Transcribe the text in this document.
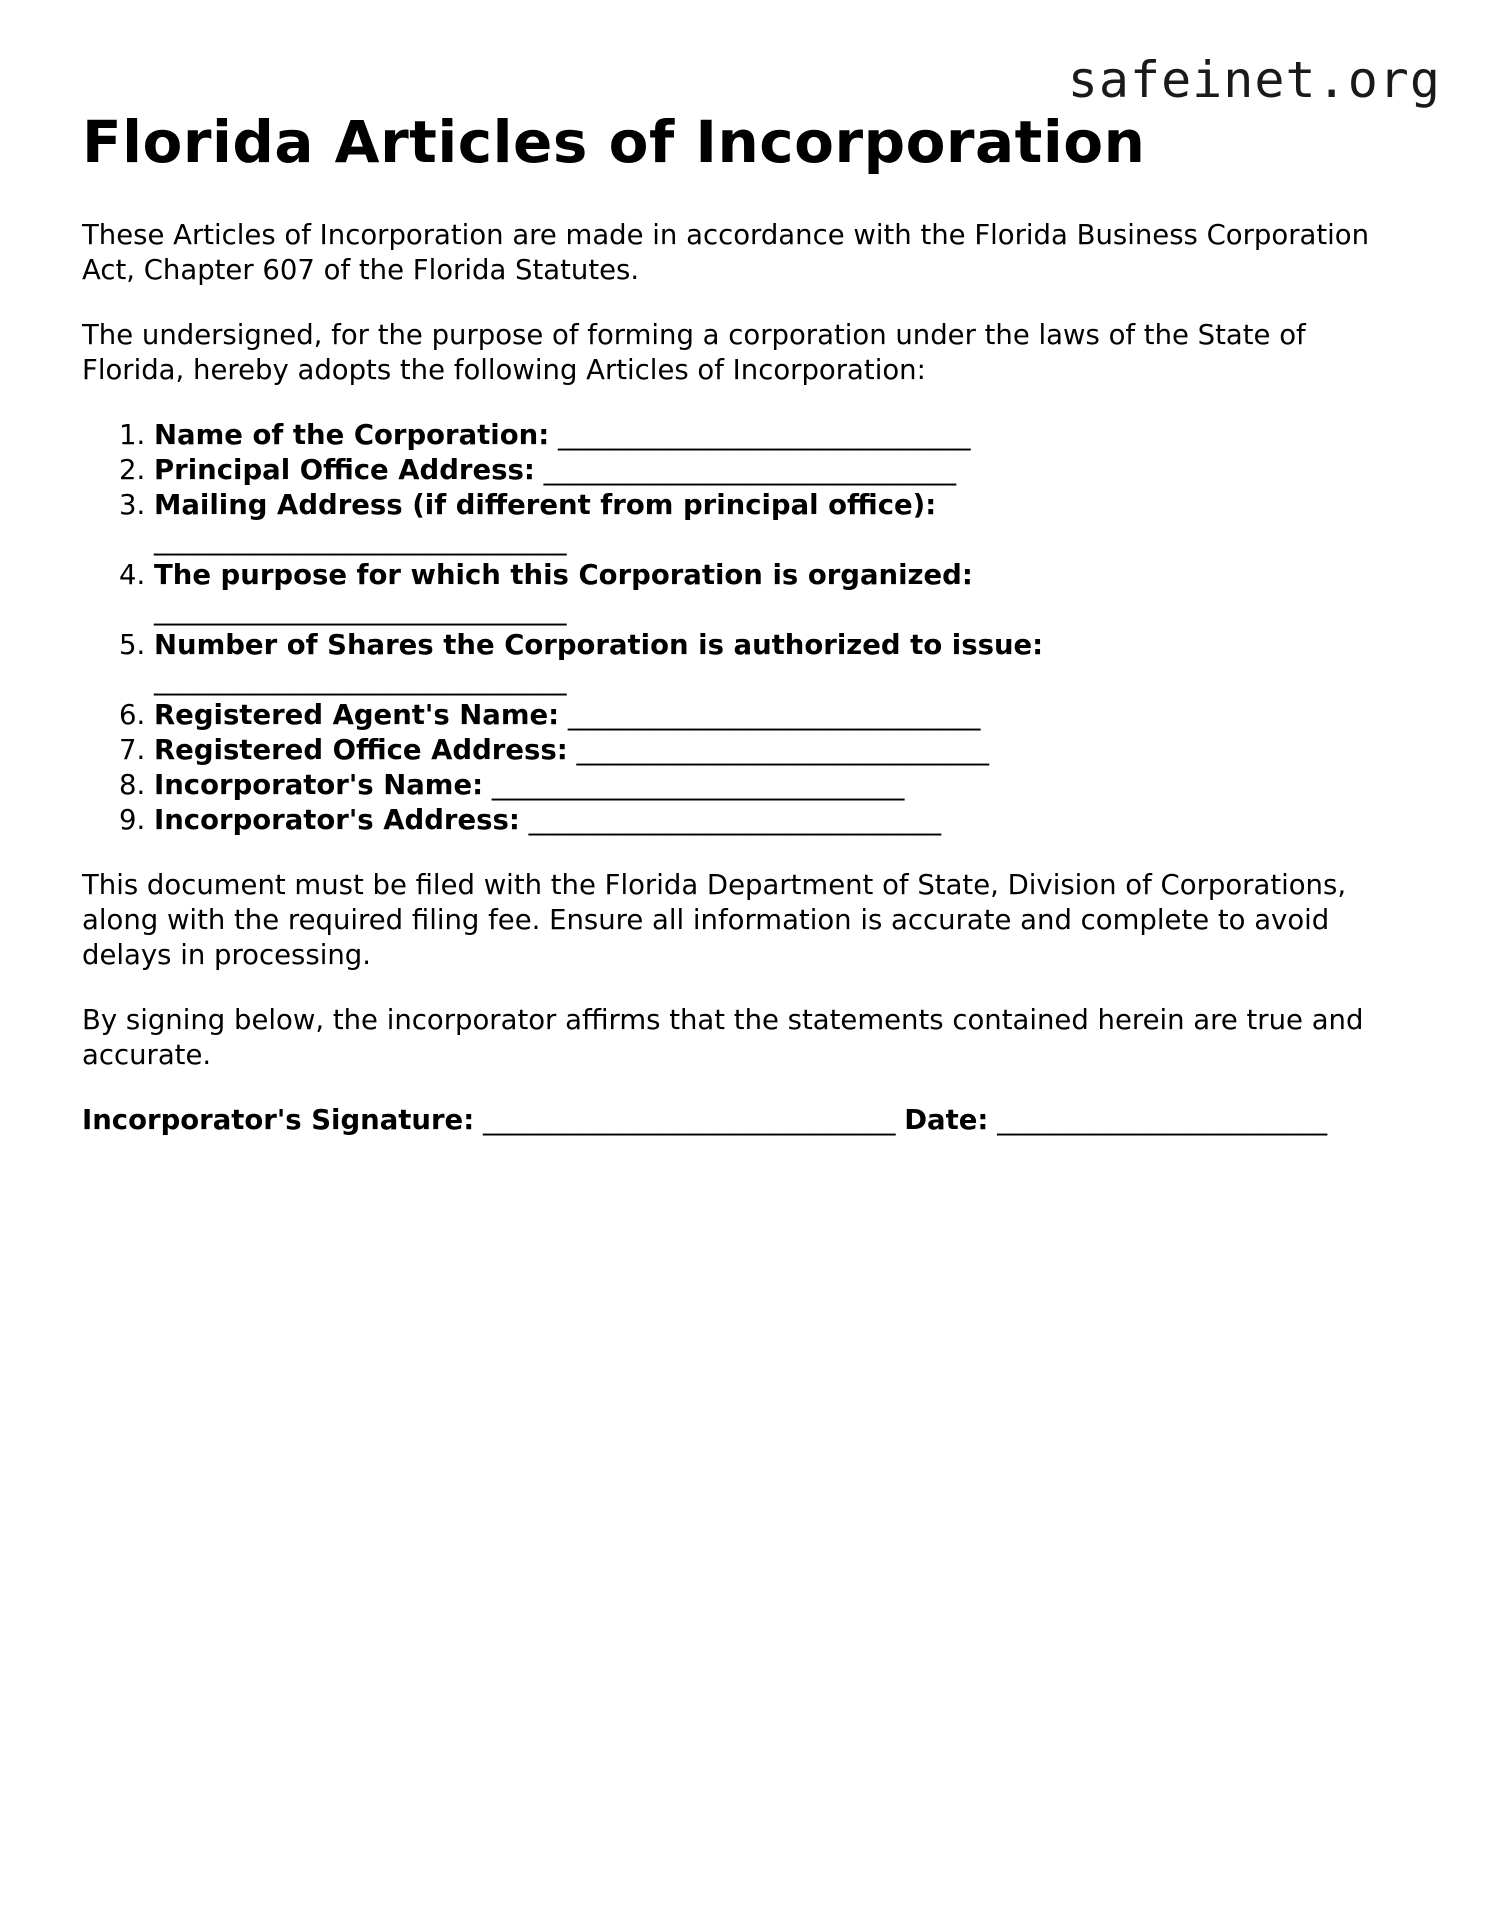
safeinet.org
Florida Articles of Incorporation

These Articles of Incorporation are made in accordance with the Florida Business Corporation Act, Chapter 607 of the Florida Statutes.

The undersigned, for the purpose of forming a corporation under the laws of the State of Florida, hereby adopts the following Articles of Incorporation:

1. Name of the Corporation: ______________________________
2. Principal Office Address: ______________________________
3. Mailing Address (if different from principal office):
______________________________
4. The purpose for which this Corporation is organized:
______________________________
5. Number of Shares the Corporation is authorized to issue:
______________________________
6. Registered Agent's Name: ______________________________
7. Registered Office Address: ______________________________
8. Incorporator's Name: ______________________________
9. Incorporator's Address: ______________________________

This document must be filed with the Florida Department of State, Division of Corporations, along with the required filing fee. Ensure all information is accurate and complete to avoid delays in processing.

By signing below, the incorporator affirms that the statements contained herein are true and accurate.

Incorporator's Signature: ______________________________ Date: ________________________
